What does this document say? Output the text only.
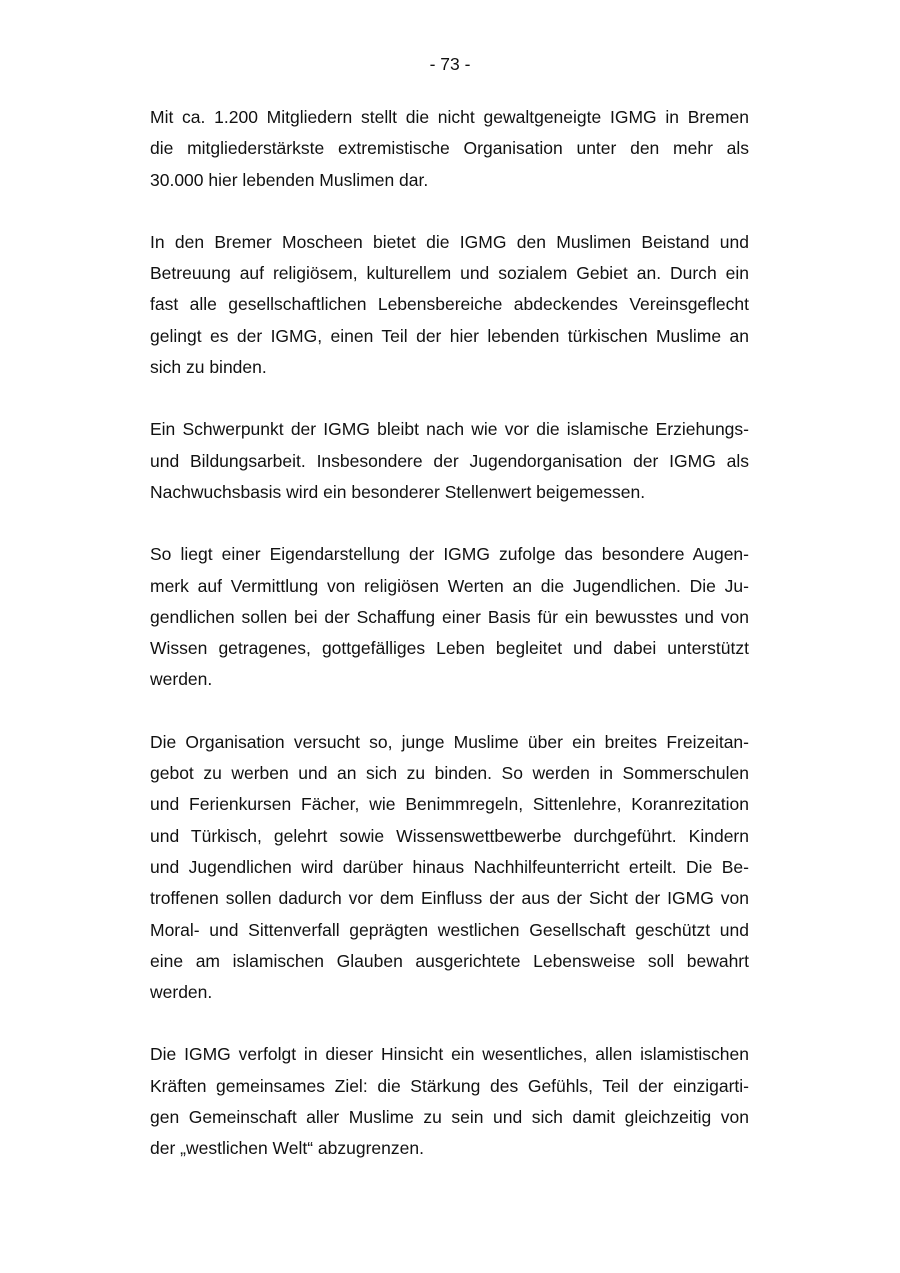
- 73 -

Mit ca. 1.200 Mitgliedern stellt die nicht gewaltgeneigte IGMG in Bremen
die mitgliederstärkste extremistische Organisation unter den mehr als
30.000 hier lebenden Muslimen dar.

In den Bremer Moscheen bietet die IGMG den Muslimen Beistand und
Betreuung auf religiösem, kulturellem und sozialem Gebiet an. Durch ein
fast alle gesellschaftlichen Lebensbereiche abdeckendes Vereinsgeflecht
gelingt es der IGMG, einen Teil der hier lebenden türkischen Muslime an
sich zu binden.

Ein Schwerpunkt der IGMG bleibt nach wie vor die islamische Erziehungs-
und Bildungsarbeit. Insbesondere der Jugendorganisation der IGMG als
Nachwuchsbasis wird ein besonderer Stellenwert beigemessen.

So liegt einer Eigendarstellung der IGMG zufolge das besondere Augen-
merk auf Vermittlung von religiösen Werten an die Jugendlichen. Die Ju-
gendlichen sollen bei der Schaffung einer Basis für ein bewusstes und von
Wissen getragenes, gottgefälliges Leben begleitet und dabei unterstützt
werden.

Die Organisation versucht so, junge Muslime über ein breites Freizeitan-
gebot zu werben und an sich zu binden. So werden in Sommerschulen
und Ferienkursen Fächer, wie Benimmregeln, Sittenlehre, Koranrezitation
und Türkisch, gelehrt sowie Wissenswettbewerbe durchgeführt. Kindern
und Jugendlichen wird darüber hinaus Nachhilfeunterricht erteilt. Die Be-
troffenen sollen dadurch vor dem Einfluss der aus der Sicht der IGMG von
Moral- und Sittenverfall geprägten westlichen Gesellschaft geschützt und
eine am islamischen Glauben ausgerichtete Lebensweise soll bewahrt
werden.

Die IGMG verfolgt in dieser Hinsicht ein wesentliches, allen islamistischen
Kräften gemeinsames Ziel: die Stärkung des Gefühls, Teil der einzigarti-
gen Gemeinschaft aller Muslime zu sein und sich damit gleichzeitig von
der „westlichen Welt“ abzugrenzen.
